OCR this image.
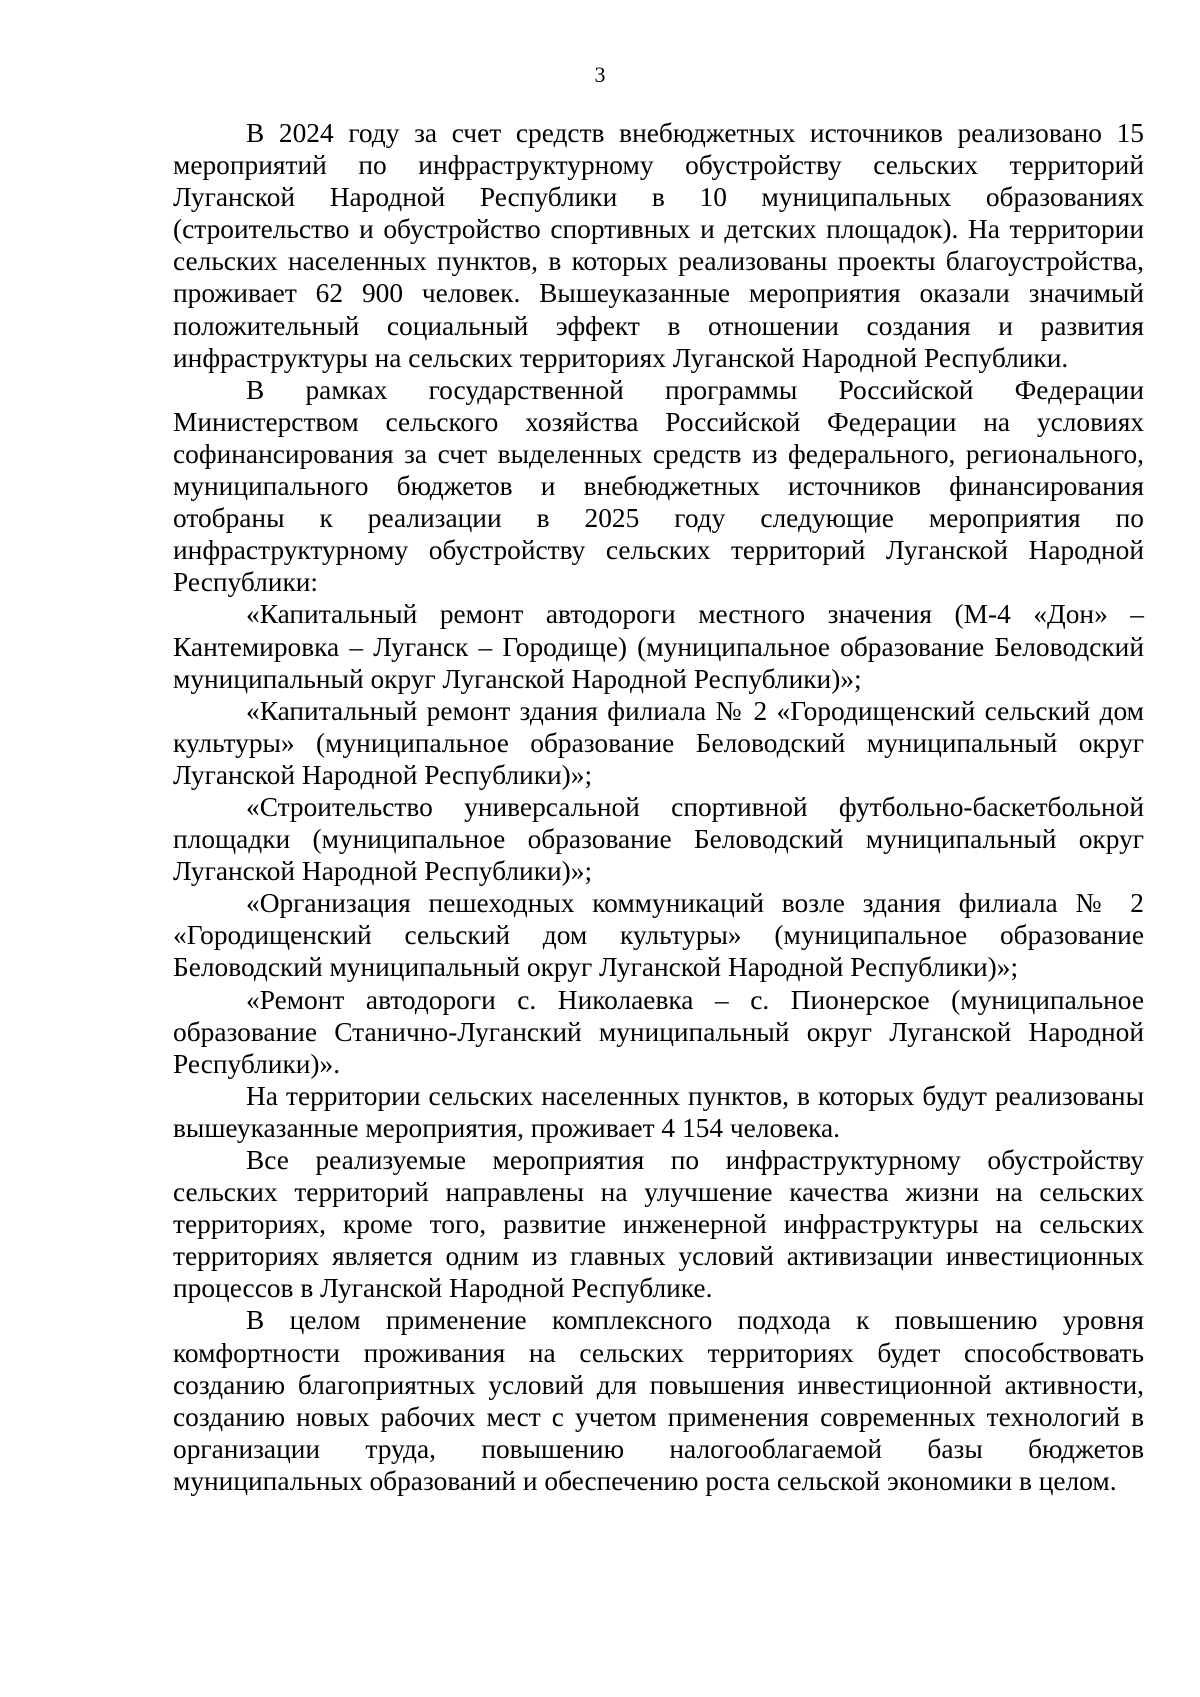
3

В 2024 году за счет средств внебюджетных источников реализовано 15 мероприятий по инфраструктурному обустройству сельских территорий Луганской Народной Республики в 10 муниципальных образованиях (строительство и обустройство спортивных и детских площадок). На территории сельских населенных пунктов, в которых реализованы проекты благоустройства, проживает 62 900 человек. Вышеуказанные мероприятия оказали значимый положительный социальный эффект в отношении создания и развития инфраструктуры на сельских территориях Луганской Народной Республики.

В рамках государственной программы Российской Федерации Министерством сельского хозяйства Российской Федерации на условиях софинансирования за счет выделенных средств из федерального, регионального, муниципального бюджетов и внебюджетных источников финансирования отобраны к реализации в 2025 году следующие мероприятия по инфраструктурному обустройству сельских территорий Луганской Народной Республики:

«Капитальный ремонт автодороги местного значения (М-4 «Дон» – Кантемировка – Луганск – Городище) (муниципальное образование Беловодский муниципальный округ Луганской Народной Республики)»;

«Капитальный ремонт здания филиала № 2 «Городищенский сельский дом культуры» (муниципальное образование Беловодский муниципальный округ Луганской Народной Республики)»;

«Строительство универсальной спортивной футбольно-баскетбольной площадки (муниципальное образование Беловодский муниципальный округ Луганской Народной Республики)»;

«Организация пешеходных коммуникаций возле здания филиала № 2 «Городищенский сельский дом культуры» (муниципальное образование Беловодский муниципальный округ Луганской Народной Республики)»;

«Ремонт автодороги с. Николаевка – с. Пионерское (муниципальное образование Станично-Луганский муниципальный округ Луганской Народной Республики)».

На территории сельских населенных пунктов, в которых будут реализованы вышеуказанные мероприятия, проживает 4 154 человека.

Все реализуемые мероприятия по инфраструктурному обустройству сельских территорий направлены на улучшение качества жизни на сельских территориях, кроме того, развитие инженерной инфраструктуры на сельских территориях является одним из главных условий активизации инвестиционных процессов в Луганской Народной Республике.

В целом применение комплексного подхода к повышению уровня комфортности проживания на сельских территориях будет способствовать созданию благоприятных условий для повышения инвестиционной активности, созданию новых рабочих мест с учетом применения современных технологий в организации труда, повышению налогооблагаемой базы бюджетов муниципальных образований и обеспечению роста сельской экономики в целом.
